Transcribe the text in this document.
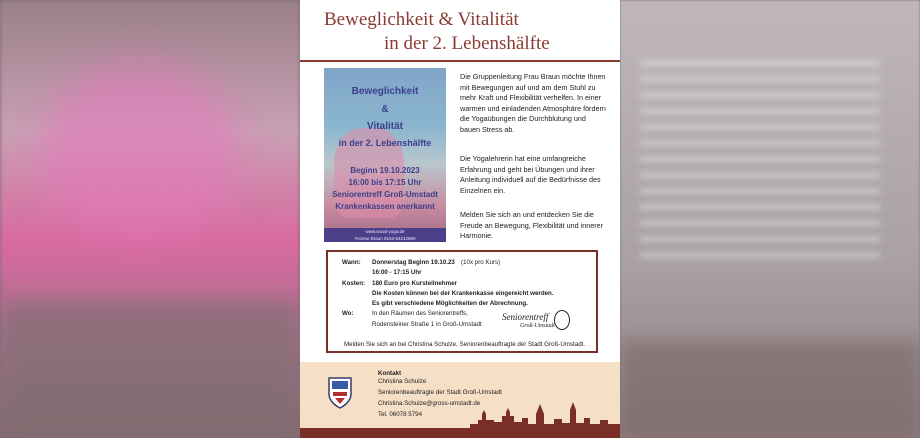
Beweglichkeit & Vitalität
in der 2. Lebenshälfte
Beweglichkeit
&
Vitalität
in der 2. Lebenshälfte
Beginn 19.10.2023
16:00 bis 17:15 Uhr
Seniorentreff Groß-Umstadt
Krankenkassen anerkannt
www.wood-yoga.de
Yvonne Braun 0152-54212869
Die Gruppenleitung Frau Braun möchte Ihnen mit Bewegungen auf und am dem Stuhl zu mehr Kraft und Flexibilität verhelfen. In einer warmen und einladenden Atmosphäre fördern die Yogaübungen die Durchblutung und bauen Stress ab.
Die Yogalehrerin hat eine umfangreiche Erfahrung und geht bei Übungen und ihrer Anleitung individuell auf die Bedürfnisse des Einzelnen ein.
Melden Sie sich an und entdecken Sie die Freude an Bewegung, Flexibilität und innerer Harmonie.
Wann: Donnerstag Beginn 19.10.23 (10x pro Kurs)
16:00 - 17:15 Uhr
Kosten: 180 Euro pro Kursteilnehmer
Die Kosten können bei der Krankenkasse eingereicht werden.
Es gibt verschiedene Möglichkeiten der Abrechnung.
Wo:	In den Räumen des Seniorentreffs,
Rodensteiner Straße 1 in Groß-Umstadt
Seniorentreff
Groß-Umstadt
Melden Sie sich an bei Christina Schulze, Seniorenbeauftragte der Stadt Groß-Umstadt.
Kontakt
Christina Schulze
Seniorenbeauftragte der Stadt Groß-Umstadt
Christina.Schulze@gross-umstadt.de
Tel. 06078 5794
